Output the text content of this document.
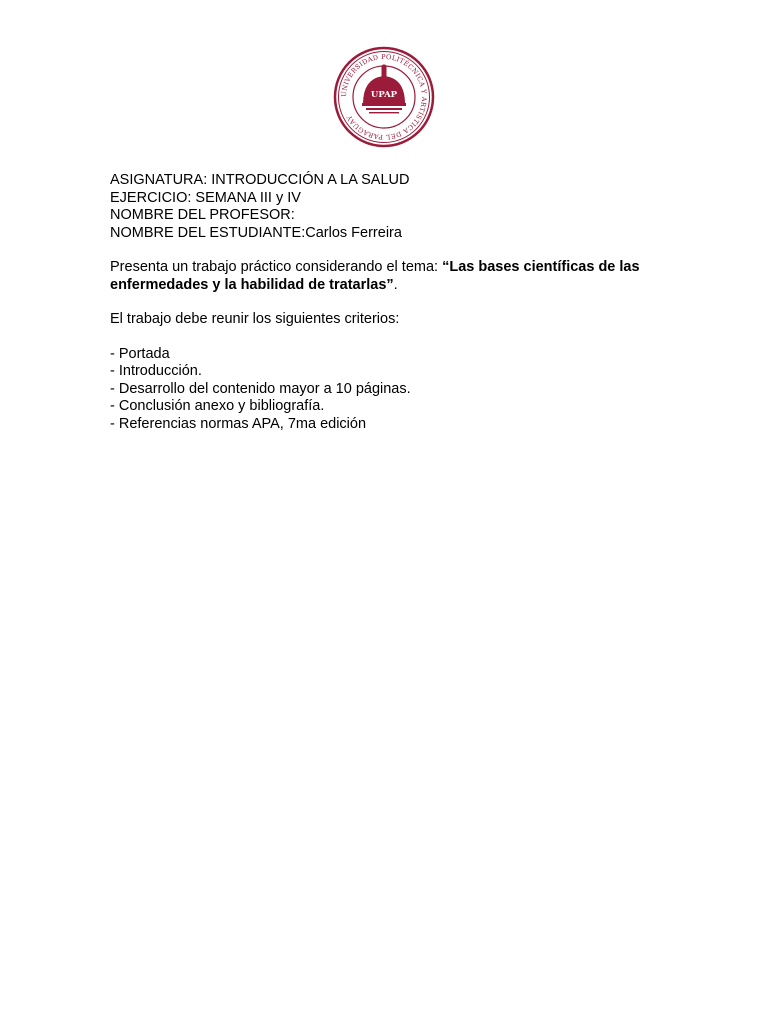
UNIVERSIDAD POLITÉCNICA Y ARTÍSTICA DEL PARAGUAY
UPAP
ASIGNATURA: INTRODUCCIÓN A LA SALUD
EJERCICIO: SEMANA III y IV
NOMBRE DEL PROFESOR:
NOMBRE DEL ESTUDIANTE:Carlos Ferreira

Presenta un trabajo práctico considerando el tema: “Las bases científicas de las enfermedades y la habilidad de tratarlas”.

El trabajo debe reunir los siguientes criterios:
- Portada
- Introducción.
- Desarrollo del contenido mayor a 10 páginas.
- Conclusión anexo y bibliografía.
- Referencias normas APA, 7ma edición
